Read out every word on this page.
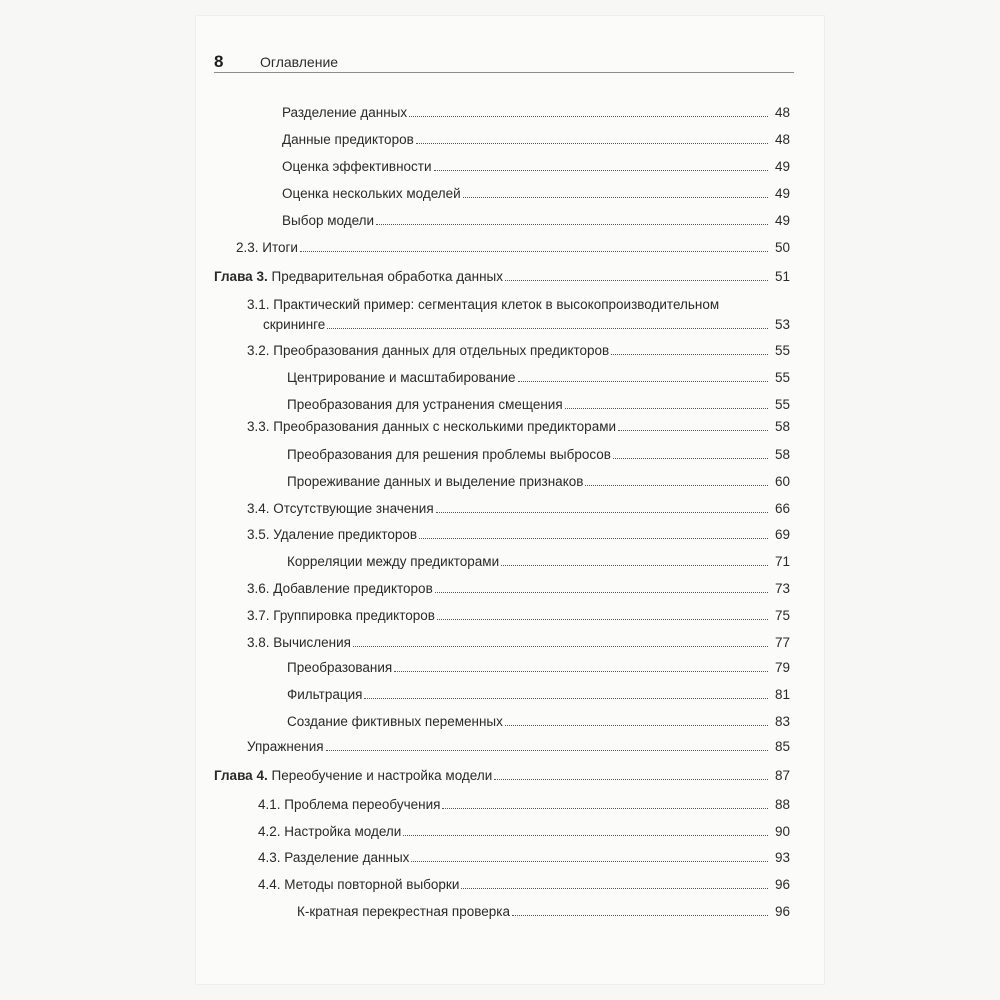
8	Оглавление
Разделение данных	48
Данные предикторов	48
Оценка эффективности	49
Оценка нескольких моделей	49
Выбор модели	49
2.3. Итоги	50
Глава 3. Предварительная обработка данных	51
3.1. Практический пример: сегментация клеток в высокопроизводительном
скрининге	53
3.2. Преобразования данных для отдельных предикторов	55
Центрирование и масштабирование	55
Преобразования для устранения смещения	55
3.3. Преобразования данных с несколькими предикторами	58
Преобразования для решения проблемы выбросов	58
Прореживание данных и выделение признаков	60
3.4. Отсутствующие значения	66
3.5. Удаление предикторов	69
Корреляции между предикторами	71
3.6. Добавление предикторов	73
3.7. Группировка предикторов	75
3.8. Вычисления	77
Преобразования	79
Фильтрация	81
Создание фиктивных переменных	83
Упражнения	85
Глава 4. Переобучение и настройка модели	87
4.1. Проблема переобучения	88
4.2. Настройка модели	90
4.3. Разделение данных	93
4.4. Методы повторной выборки	96
К-кратная перекрестная проверка	96
